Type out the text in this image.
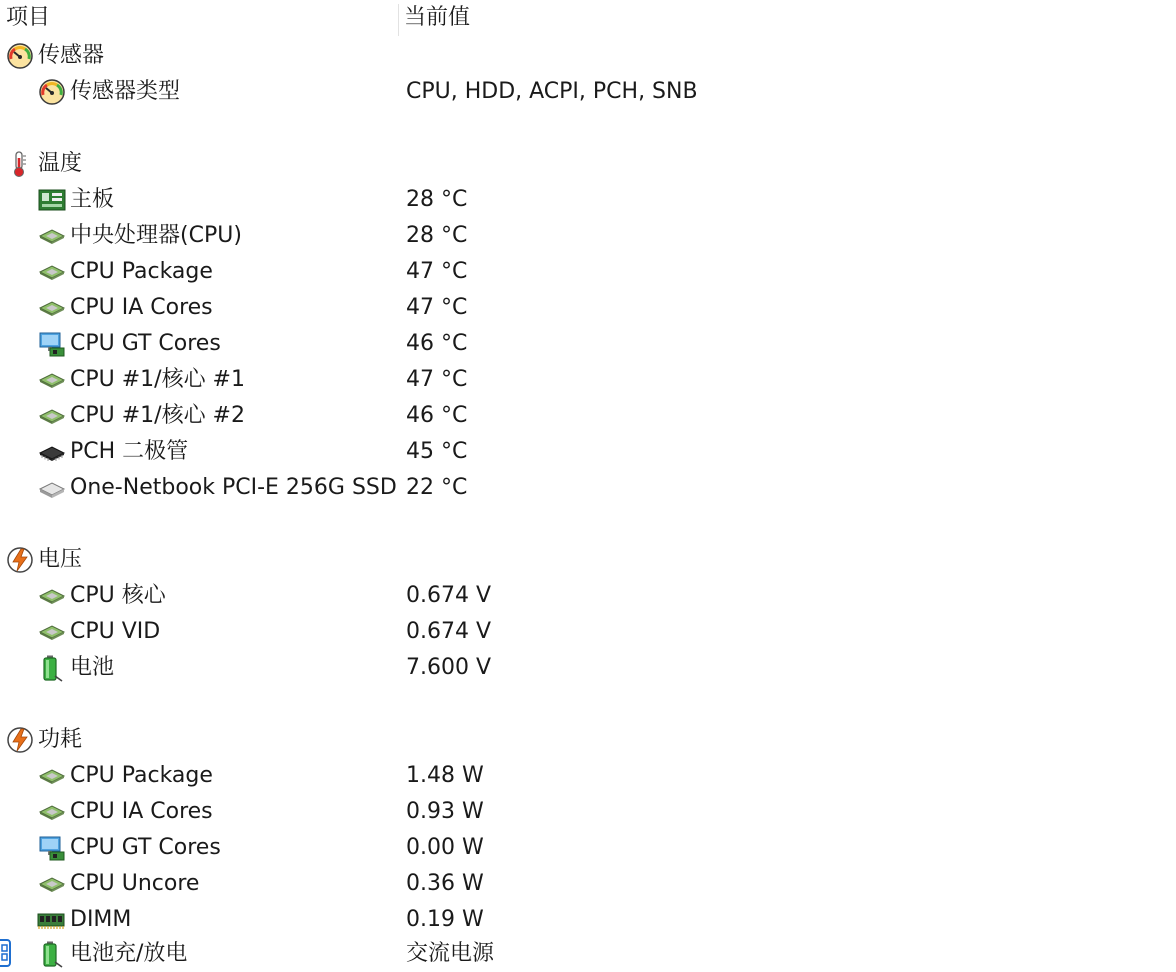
项目	当前值
传感器
传感器类型	CPU, HDD, ACPI, PCH, SNB
温度
主板	28 °C
中央处理器(CPU)	28 °C
CPU Package	47 °C
CPU IA Cores	47 °C
CPU GT Cores	46 °C
CPU #1/核心 #1	47 °C
CPU #1/核心 #2	46 °C
PCH 二极管	45 °C
One-Netbook PCI-E 256G SSD 22 °C
电压
CPU 核心	0.674 V
CPU VID	0.674 V
电池	7.600 V
功耗
CPU Package	1.48 W
CPU IA Cores	0.93 W
CPU GT Cores	0.00 W
CPU Uncore	0.36 W
DIMM	0.19 W
电池充/放电	交流电源
